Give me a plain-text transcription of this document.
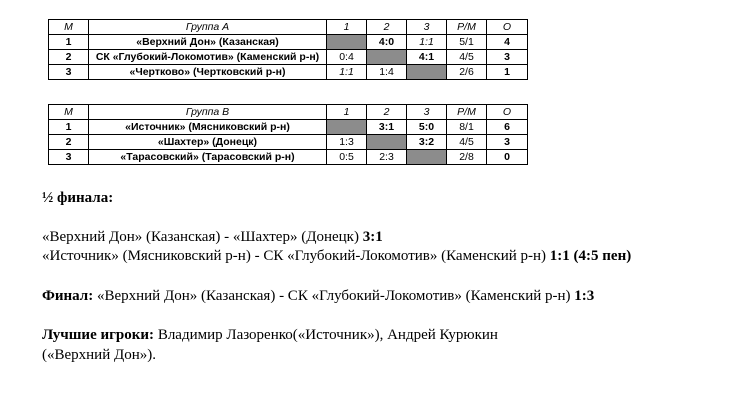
М	Группа А	1	2	3	Р/М	О
1	«Верхний Дон» (Казанская)		4:0	1:1	5/1	4
2	СК «Глубокий-Локомотив» (Каменский р-н)	0:4		4:1	4/5	3
3	«Чертково» (Чертковский р-н)	1:1	1:4		2/6	1
М	Группа В	1	2	3	Р/М	О
1	«Источник» (Мясниковский р-н)		3:1	5:0	8/1	6
2	«Шахтер» (Донецк)	1:3		3:2	4/5	3
3	«Тарасовский» (Тарасовский р-н)	0:5	2:3		2/8	0
½ финала:
«Верхний Дон» (Казанская) - «Шахтер» (Донецк) 3:1
«Источник» (Мясниковский р-н) - СК «Глубокий-Локомотив» (Каменский р-н) 1:1 (4:5 пен)
Финал: «Верхний Дон» (Казанская) - СК «Глубокий-Локомотив» (Каменский р-н) 1:3
Лучшие игроки: Владимир Лазоренко(«Источник»), Андрей Курюкин
(«Верхний Дон»).
